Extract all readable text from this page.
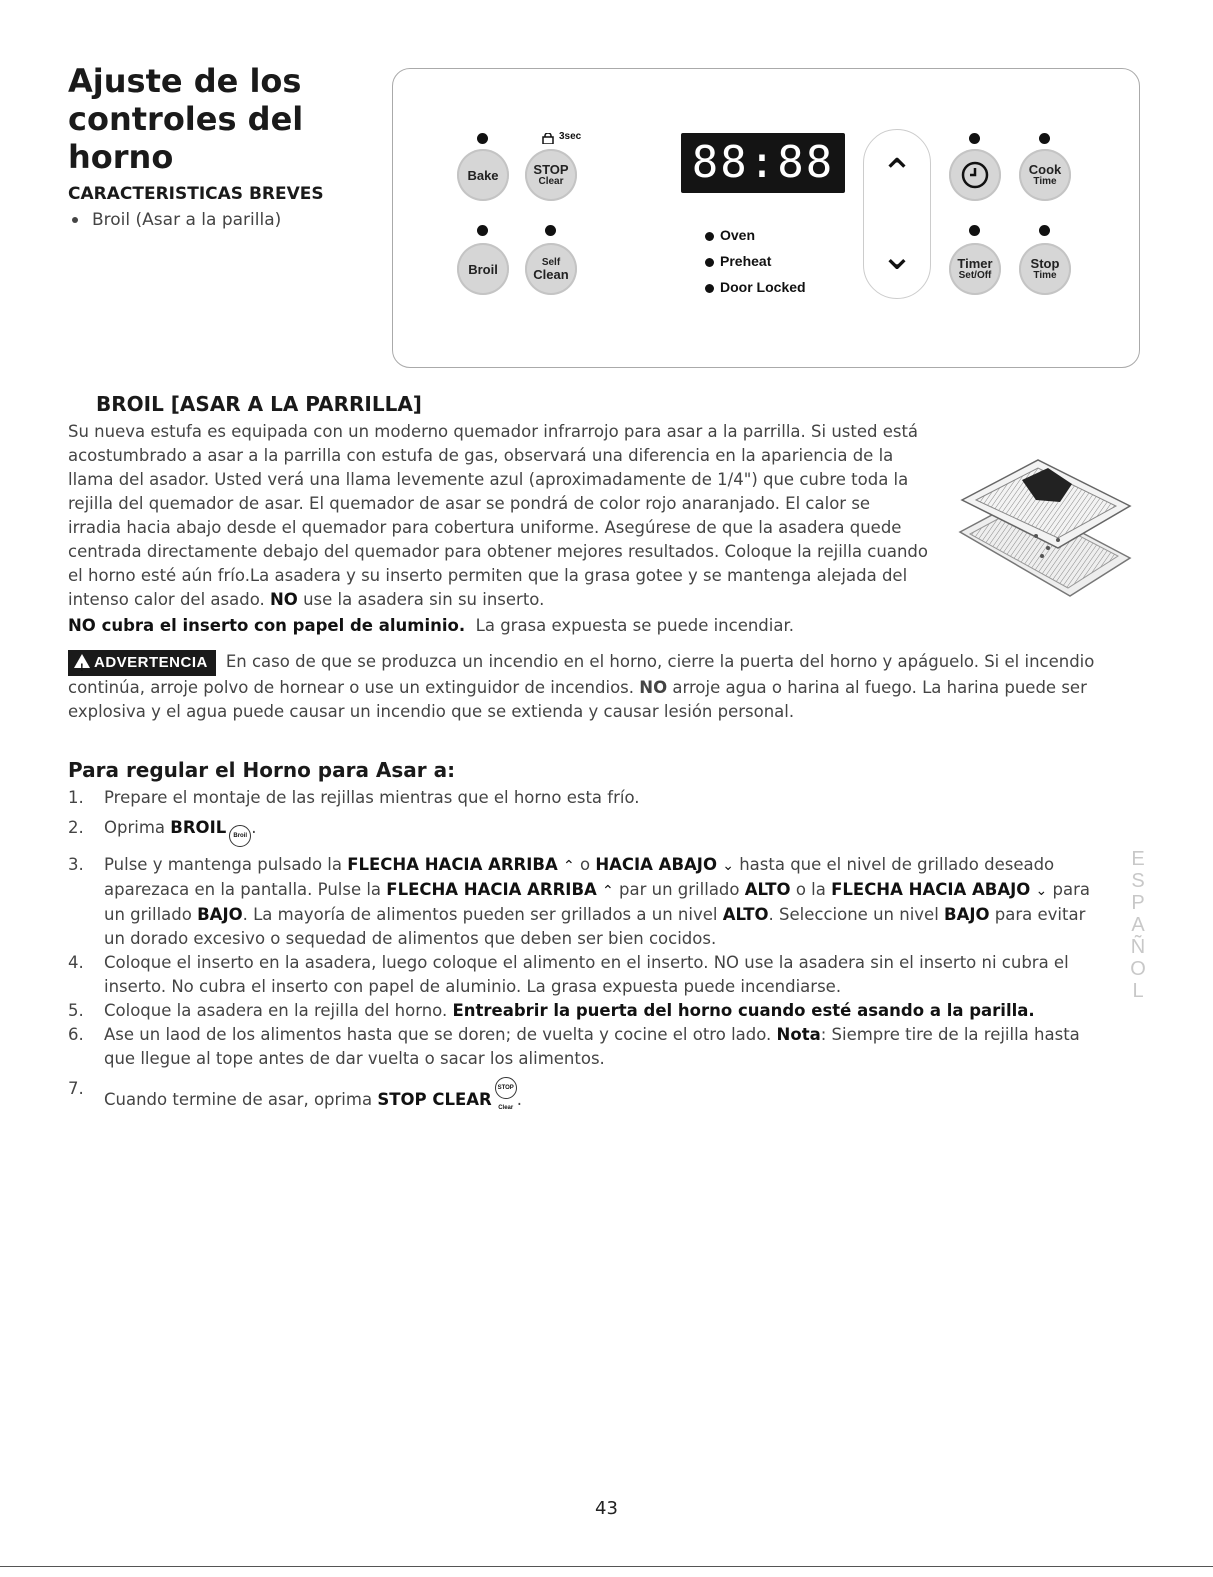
Ajuste de los
controles del
horno
CARACTERISTICAS BREVES
Broil (Asar a la parilla)
3sec
Bake	STOP
Clear
Broil	Self
Clean
88:88
Oven
Preheat
Door Locked
⌃
⌄
Cook
Time
Timer
Set/Off
Stop
Time
BROIL [ASAR A LA PARRILLA]
Su nueva estufa es equipada con un moderno quemador infrarrojo para asar a la parrilla. Si usted está acostumbrado a asar a la parrilla con estufa de gas, observará una diferencia en la apariencia de la llama del asador. Usted verá una llama levemente azul (aproximadamente de 1/4") que cubre toda la rejilla del quemador de asar. El quemador de asar se pondrá de color rojo anaranjado. El calor se irradia hacia abajo desde el quemador para cobertura uniforme. Asegúrese de que la asadera quede centrada directamente debajo del quemador para obtener mejores resultados. Coloque la rejilla cuando el horno esté aún frío.La asadera y su inserto permiten que la grasa gotee y se mantenga alejada del intenso calor del asado. NO use la asadera sin su inserto.
NO cubra el inserto con papel de aluminio. La grasa expuesta se puede incendiar.
! ADVERTENCIA En caso de que se produzca un incendio en el horno, cierre la puerta del horno y apáguelo. Si el incendio continúa, arroje polvo de hornear o use un extinguidor de incendios. NO arroje agua o harina al fuego. La harina puede ser explosiva y el agua puede causar un incendio que se extienda y causar lesión personal.
Para regular el Horno para Asar a:
1. Prepare el montaje de las rejillas mientras que el horno esta frío.
2. Oprima BROIL Broil .
3. Pulse y mantenga pulsado la FLECHA HACIA ARRIBA ⌃ o HACIA ABAJO ⌄ hasta que el nivel de grillado deseado aparezaca en la pantalla. Pulse la FLECHA HACIA ARRIBA ⌃ par un grillado ALTO o la FLECHA HACIA ABAJO ⌄ para un grillado BAJO. La mayoría de alimentos pueden ser grillados a un nivel ALTO. Seleccione un nivel BAJO para evitar un dorado excesivo o sequedad de alimentos que deben ser bien cocidos.
4. Coloque el inserto en la asadera, luego coloque el alimento en el inserto. NO use la asadera sin el inserto ni cubra el inserto. No cubra el inserto con papel de aluminio. La grasa expuesta puede incendiarse.
5. Coloque la asadera en la rejilla del horno. Entreabrir la puerta del horno cuando esté asando a la parilla.
6. Ase un laod de los alimentos hasta que se doren; de vuelta y cocine el otro lado. Nota: Siempre tire de la rejilla hasta que llegue al tope antes de dar vuelta o sacar los alimentos.
7.
Cuando termine de asar, oprima STOP CLEARSTOP Clear .
E
S
P
A
Ñ
O
L
43
